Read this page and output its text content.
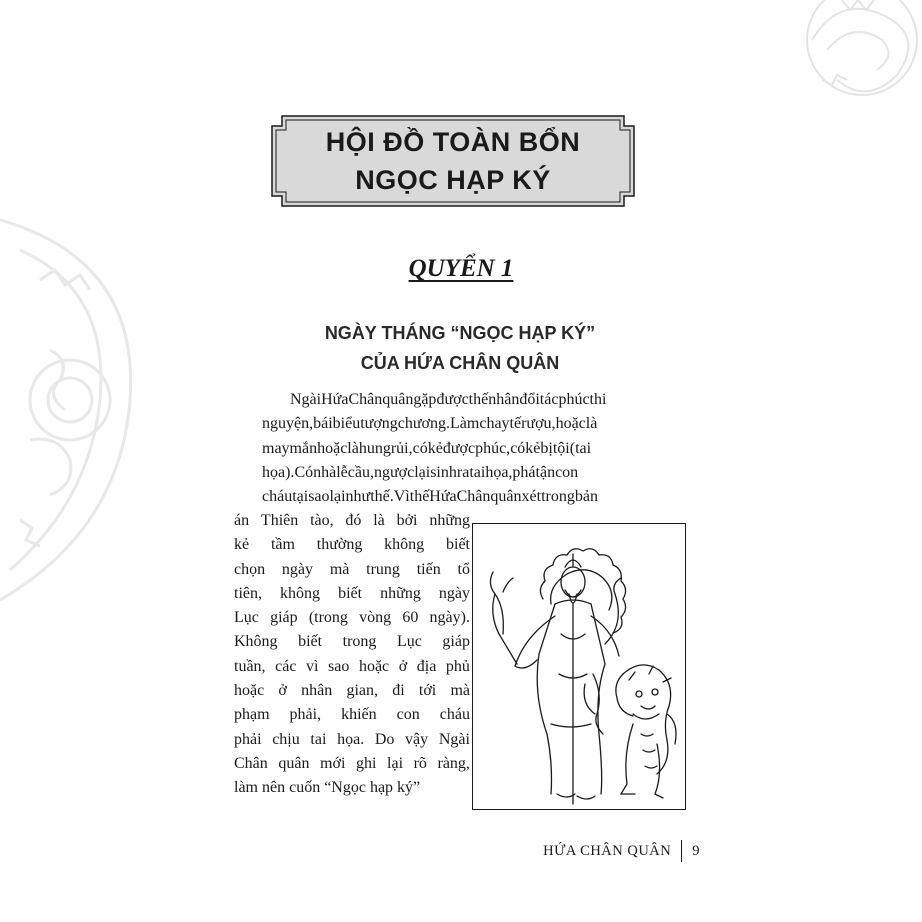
HỘI ĐỒ TOÀN BỔN
NGỌC HẠP KÝ
QUYỂN 1
NGÀY THÁNG “NGỌC HẠP KÝ”
CỦA HỨA CHÂN QUÂN
NgàiHứaChânquângặpđượcthếnhânđổitácphúcthi
nguyện,báibiểutượngchương.Làmchaytếrượu,hoặclà
maymắnhoặclàhungrủi,cókẻđượcphúc,cókẻbịtội(tai
họa).Cónhàlễcầu,ngượclạisinhrataihọa,phátậncon
cháutạisaolạinhưthế.VìthếHứaChânquânxéttrongbản
án Thiên tào, đó là bởi những
kẻ tầm thường không biết
chọn ngày mà trung tiến tổ
tiên, không biết những ngày
Lục giáp (trong vòng 60 ngày).
Không biết trong Lục giáp
tuần, các vì sao hoặc ở địa phủ
hoặc ở nhân gian, đi tới mà
phạm phải, khiến con cháu
phải chịu tai họa. Do vậy Ngài
Chân quân mới ghi lại rõ ràng,
làm nên cuốn “Ngọc hạp ký”
HỨA CHÂN QUÂN 9
